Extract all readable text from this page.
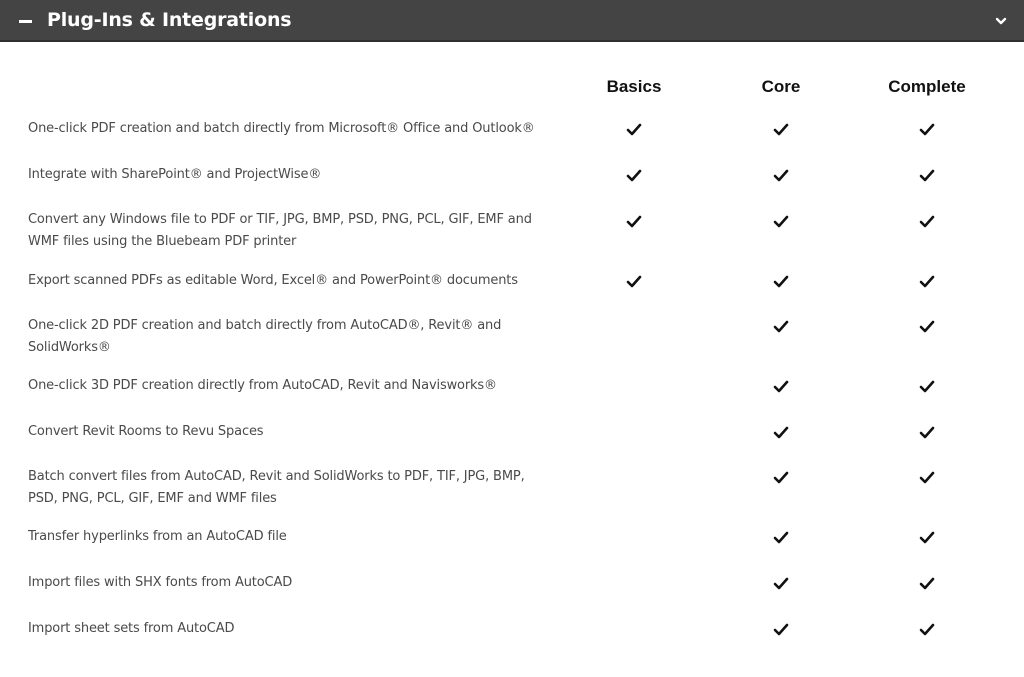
Plug-Ins & Integrations
Basics	Core	Complete
One-click PDF creation and batch directly from Microsoft® Office and Outlook®
Integrate with SharePoint® and ProjectWise®
Convert any Windows file to PDF or TIF, JPG, BMP, PSD, PNG, PCL, GIF, EMF and WMF files using the Bluebeam PDF printer
Export scanned PDFs as editable Word, Excel® and PowerPoint® documents
One-click 2D PDF creation and batch directly from AutoCAD®, Revit® and SolidWorks®
One-click 3D PDF creation directly from AutoCAD, Revit and Navisworks®
Convert Revit Rooms to Revu Spaces
Batch convert files from AutoCAD, Revit and SolidWorks to PDF, TIF, JPG, BMP, PSD, PNG, PCL, GIF, EMF and WMF files
Transfer hyperlinks from an AutoCAD file
Import files with SHX fonts from AutoCAD
Import sheet sets from AutoCAD
